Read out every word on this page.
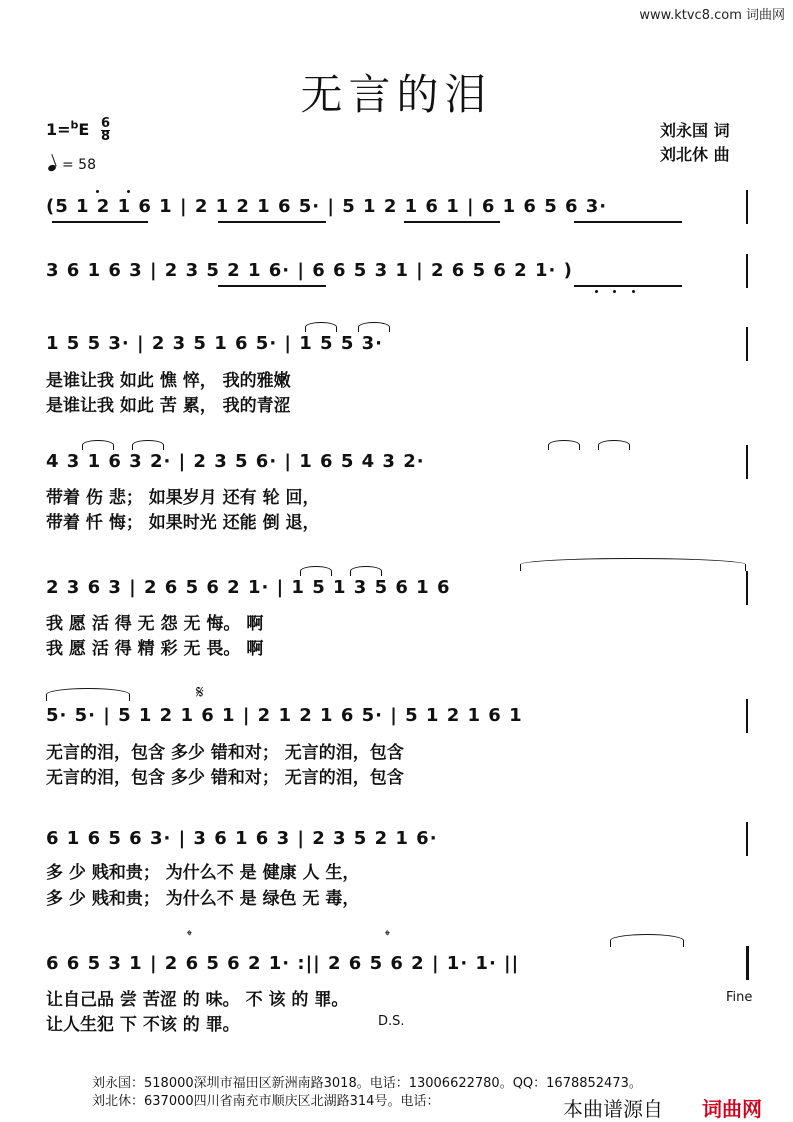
www.ktvc8.com 词曲网
无言的泪
$1=^bE \frac{6}{8}$
= 58
刘永国 词
刘北休 曲
(5 1 2 1 6 1 | 2 1 2 1 6 5· | 5 1 2 1 6 1 | 6 1 6 5 6 3·
3 6 1 6 3 | 2 3 5 2 1 6· | 6 6 5 3 1 | 2 6 5 6 2 1· )
1 5 5 3· | 2 3 5 1 6 5· | 1 5 5 3·
是谁让我 如此 憔 悴， 我的雅嫩
是谁让我 如此 苦 累， 我的青涩
4 3 1 6 3 2· | 2 3 5 6· | 1 6 5 4 3 2·
带着 伤 悲； 如果岁月 还有 轮 回，
带着 忏 悔； 如果时光 还能 倒 退，
2 3 6 3 | 2 6 5 6 2 1· | 1 5 1 3 5 6 1 6
我 愿 活 得 无 怨 无 悔。 啊
我 愿 活 得 精 彩 无 畏。 啊
5· 5· | 5 1 2 1 6 1 | 2 1 2 1 6 5· | 5 1 2 1 6 1
无言的泪，包含 多少 错和对； 无言的泪，包含
无言的泪，包含 多少 错和对； 无言的泪，包含
𝄋
6 1 6 5 6 3· | 3 6 1 6 3 | 2 3 5 2 1 6·
多 少 贱和贵； 为什么不 是 健康 人 生，
多 少 贱和贵； 为什么不 是 绿色 无 毒，
6 6 5 3 1 | 2 6 5 6 2 1· :|| 2 6 5 6 2 | 1· 1· ||
让自己品 尝 苦涩 的 味。 不 该 的 罪。
让人生犯 下 不该 的 罪。
𝄌	𝄌
Fine
D.S.
刘永国：518000深圳市福田区新洲南路3018。电话：13006622780。QQ：1678852473。
刘北休：637000四川省南充市顺庆区北湖路314号。电话：	本曲谱源自 词曲网
